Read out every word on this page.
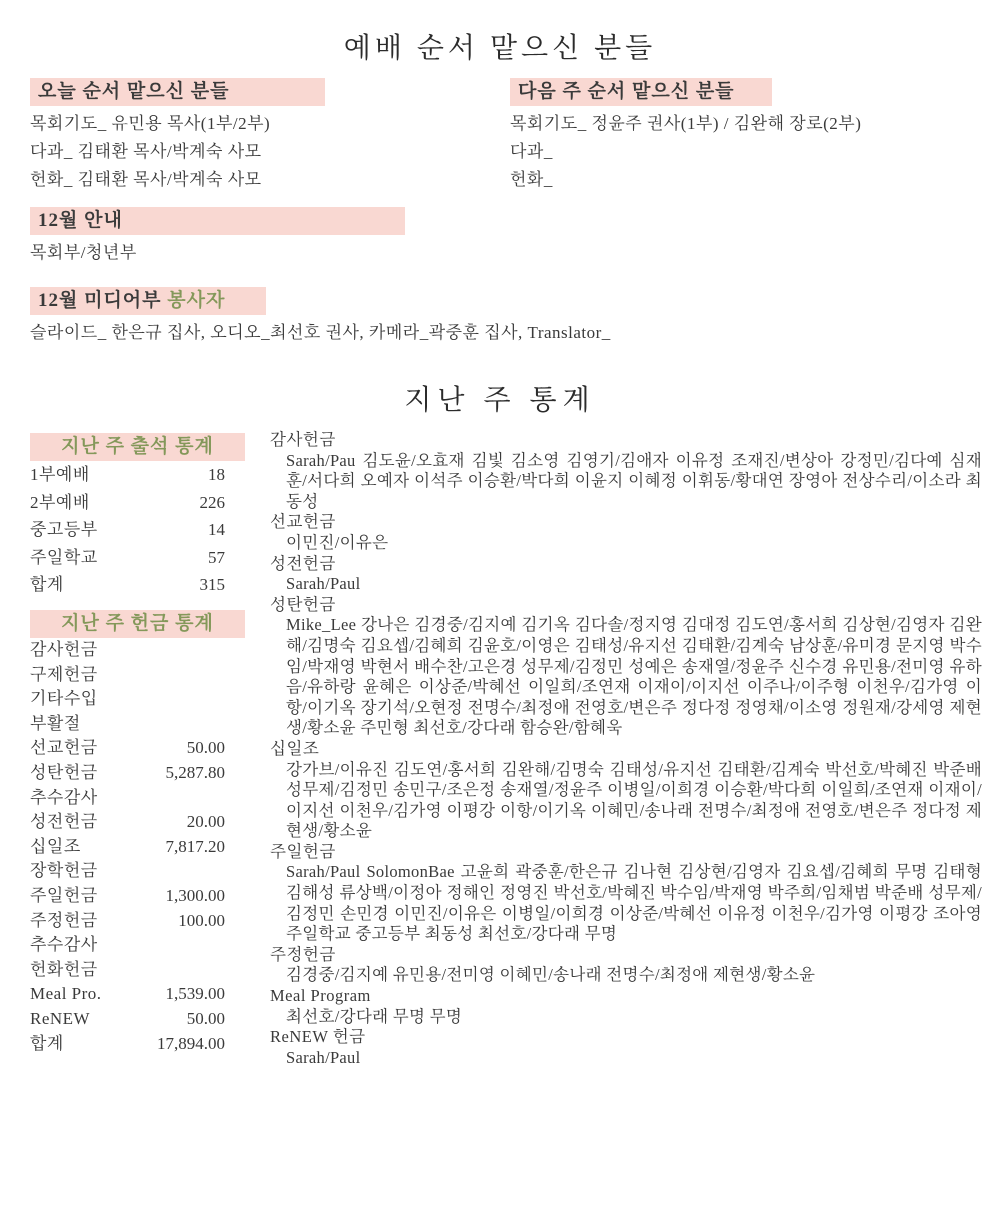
예배 순서 맡으신 분들
오늘 순서 맡으신 분들
목회기도_ 유민용 목사(1부/2부)
다과_ 김태환 목사/박계숙 사모
헌화_ 김태환 목사/박계숙 사모
다음 주 순서 맡으신 분들
목회기도_ 정윤주 권사(1부) / 김완해 장로(2부)
다과_
헌화_
12월 안내
목회부/청년부
12월 미디어부 봉사자
슬라이드_ 한은규 집사, 오디오_최선호 권사, 카메라_곽중훈 집사, Translator_
지난 주 통계
지난 주 출석 통계
1부예배	18
2부예배	226
중고등부	14
주일학교	57
합계	315
지난 주 헌금 통계
감사헌금
구제헌금
기타수입
부활절
선교헌금	50.00
성탄헌금	5,287.80
추수감사
성전헌금	20.00
십일조	7,817.20
장학헌금
주일헌금	1,300.00
주정헌금	100.00
추수감사
헌화헌금
Meal Pro.	1,539.00
ReNEW	50.00
합계	17,894.00
감사헌금
Sarah/Pau 김도윤/오효재 김빛 김소영 김영기/김애자 이유정 조재진/변상아 강정민/김다예 심재훈/서다희 오예자 이석주 이승환/박다희 이윤지 이혜정 이휘동/황대연 장영아 전상수리/이소라 최동성
선교헌금
이민진/이유은
성전헌금
Sarah/Paul
성탄헌금
Mike_Lee 강나은 김경중/김지예 김기옥 김다솔/정지영 김대정 김도연/홍서희 김상현/김영자 김완해/김명숙 김요셉/김혜희 김윤호/이영은 김태성/유지선 김태환/김계숙 남상훈/유미경 문지영 박수임/박재영 박현서 배수찬/고은경 성무제/김정민 성예은 송재열/정윤주 신수경 유민용/전미영 유하음/유하랑 윤혜은 이상준/박혜선 이일희/조연재 이재이/이지선 이주나/이주형 이천우/김가영 이항/이기옥 장기석/오현정 전명수/최정애 전영호/변은주 정다정 정영채/이소영 정원재/강세영 제현생/황소윤 주민형 최선호/강다래 함승완/함혜욱
십일조
강가브/이유진 김도연/홍서희 김완해/김명숙 김태성/유지선 김태환/김계숙 박선호/박혜진 박준배 성무제/김정민 송민구/조은정 송재열/정윤주 이병일/이희경 이승환/박다희 이일희/조연재 이재이/이지선 이천우/김가영 이평강 이항/이기옥 이혜민/송나래 전명수/최정애 전영호/변은주 정다정 제현생/황소윤
주일헌금
Sarah/Paul SolomonBae 고윤희 곽중훈/한은규 김나현 김상현/김영자 김요셉/김혜희 무명 김태형 김해성 류상백/이정아 정해인 정영진 박선호/박혜진 박수임/박재영 박주희/임채범 박준배 성무제/김정민 손민경 이민진/이유은 이병일/이희경 이상준/박혜선 이유정 이천우/김가영 이평강 조아영 주일학교 중고등부 최동성 최선호/강다래 무명
주정헌금
김경중/김지예 유민용/전미영 이혜민/송나래 전명수/최정애 제현생/황소윤
Meal Program
최선호/강다래 무명 무명
ReNEW 헌금
Sarah/Paul
